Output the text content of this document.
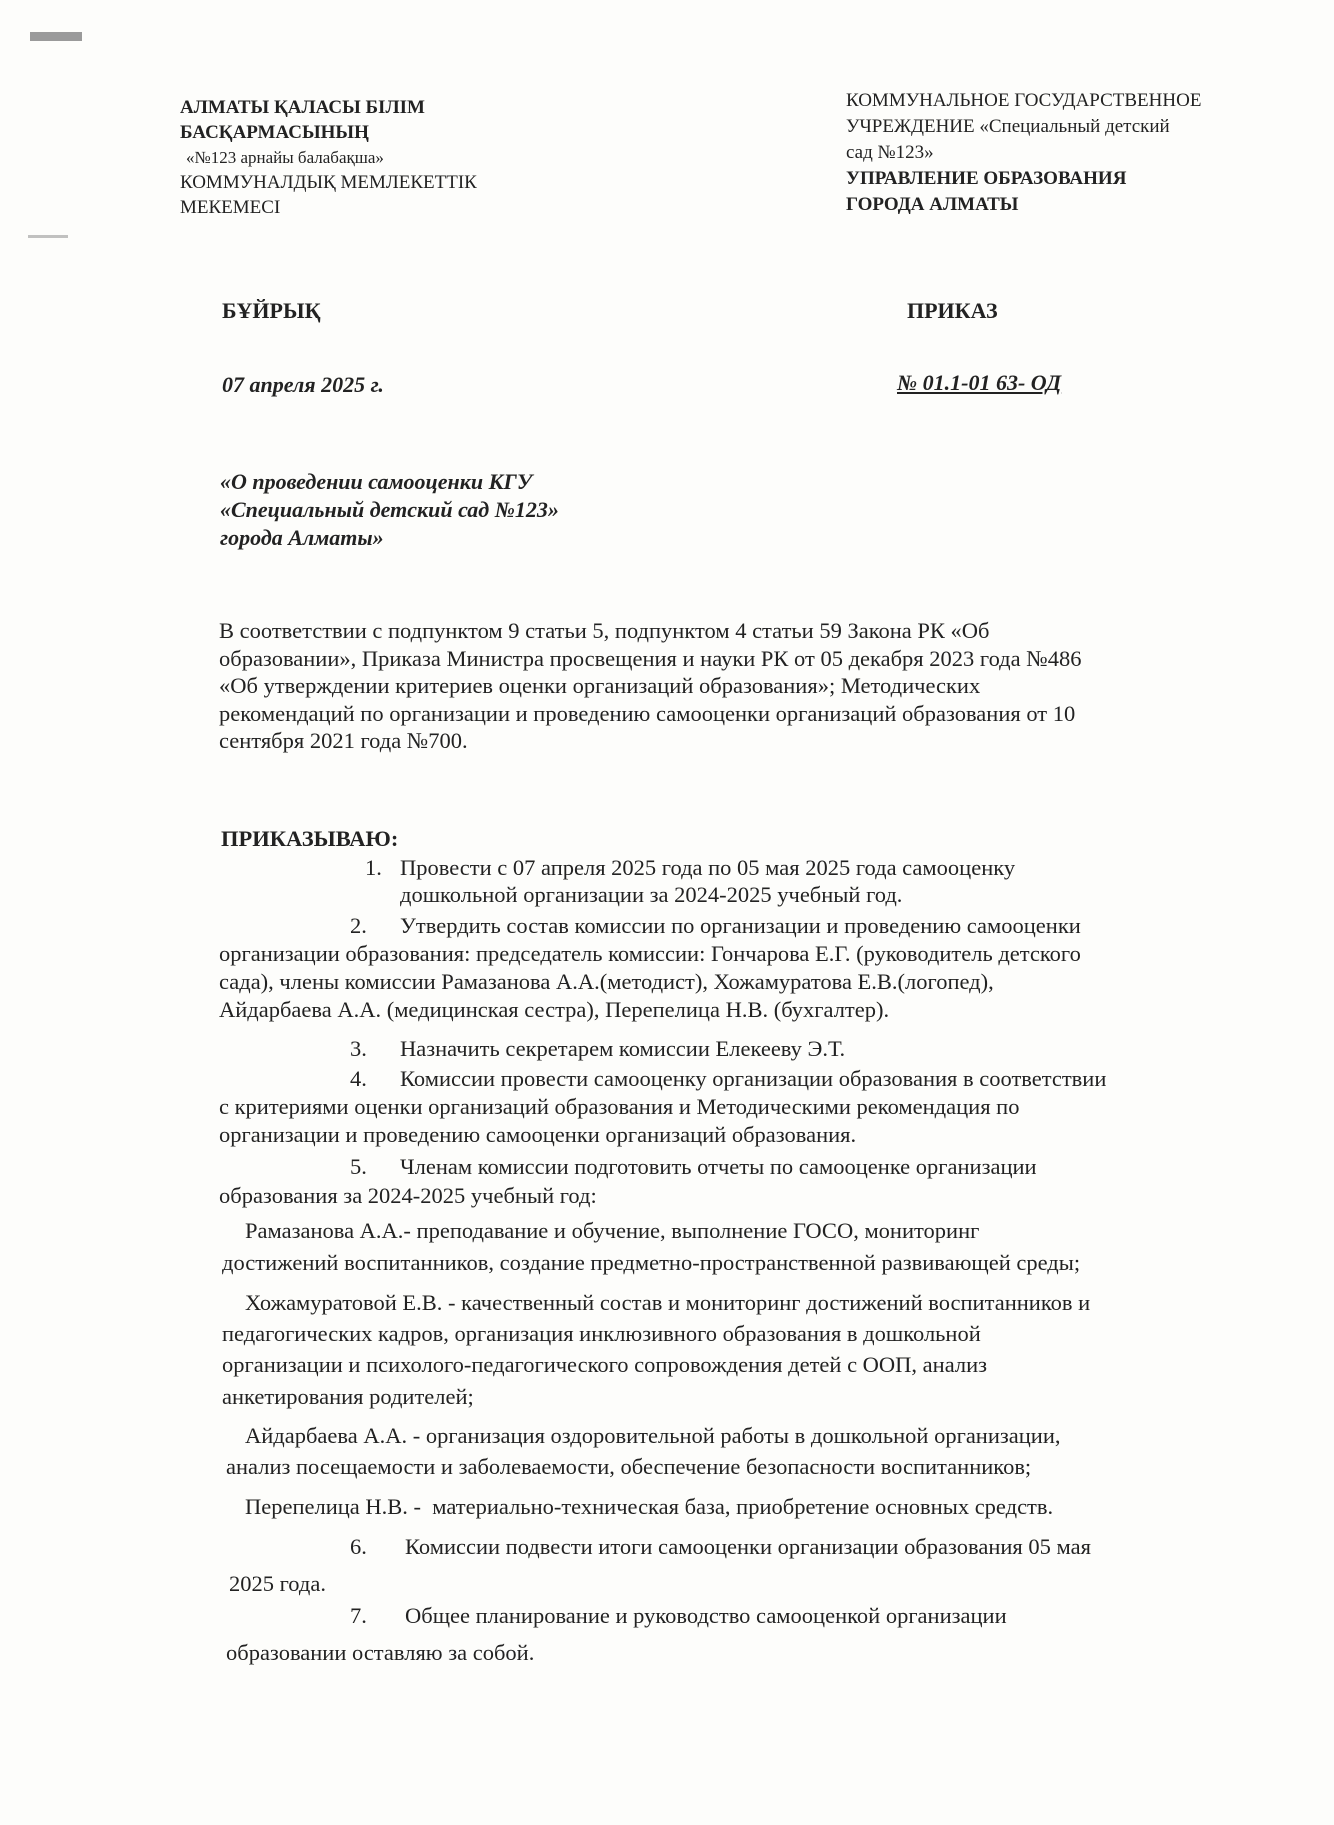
АЛМАТЫ ҚАЛАСЫ БІЛІМ
БАСҚАРМАСЫНЫҢ
«№123 арнайы балабақша»
КОММУНАЛДЫҚ МЕМЛЕКЕТТІК
МЕКЕМЕСІ
КОММУНАЛЬНОЕ ГОСУДАРСТВЕННОЕ
УЧРЕЖДЕНИЕ «Специальный детский
сад №123»
УПРАВЛЕНИЕ ОБРАЗОВАНИЯ
ГОРОДА АЛМАТЫ
БҰЙРЫҚ	ПРИКАЗ
07 апреля 2025 г.	№ 01.1-01 63- ОД
«О проведении самооценки КГУ
«Специальный детский сад №123»
города Алматы»
В соответствии с подпунктом 9 статьи 5, подпунктом 4 статьи 59 Закона РК «Об
образовании», Приказа Министра просвещения и науки РК от 05 декабря 2023 года №486
«Об утверждении критериев оценки организаций образования»; Методических
рекомендаций по организации и проведению самооценки организаций образования от 10
сентября 2021 года №700.
ПРИКАЗЫВАЮ:
1. Провести с 07 апреля 2025 года по 05 мая 2025 года самооценку
дошкольной организации за 2024-2025 учебный год.
2. Утвердить состав комиссии по организации и проведению самооценки
организации образования: председатель комиссии: Гончарова Е.Г. (руководитель детского
сада), члены комиссии Рамазанова А.А.(методист), Хожамуратова Е.В.(логопед),
Айдарбаева А.А. (медицинская сестра), Перепелица Н.В. (бухгалтер).
3. Назначить секретарем комиссии Елекееву Э.Т.
4. Комиссии провести самооценку организации образования в соответствии
с критериями оценки организаций образования и Методическими рекомендация по
организации и проведению самооценки организаций образования.
5. Членам комиссии подготовить отчеты по самооценке организации
образования за 2024-2025 учебный год:
Рамазанова А.А.- преподавание и обучение, выполнение ГОСО, мониторинг
достижений воспитанников, создание предметно-пространственной развивающей среды;
Хожамуратовой Е.В. - качественный состав и мониторинг достижений воспитанников и
педагогических кадров, организация инклюзивного образования в дошкольной
организации и психолого-педагогического сопровождения детей с ООП, анализ
анкетирования родителей;
Айдарбаева А.А. - организация оздоровительной работы в дошкольной организации,
анализ посещаемости и заболеваемости, обеспечение безопасности воспитанников;
Перепелица Н.В. -  материально-техническая база, приобретение основных средств.
6. Комиссии подвести итоги самооценки организации образования 05 мая
2025 года.
7. Общее планирование и руководство самооценкой организации
образовании оставляю за собой.
